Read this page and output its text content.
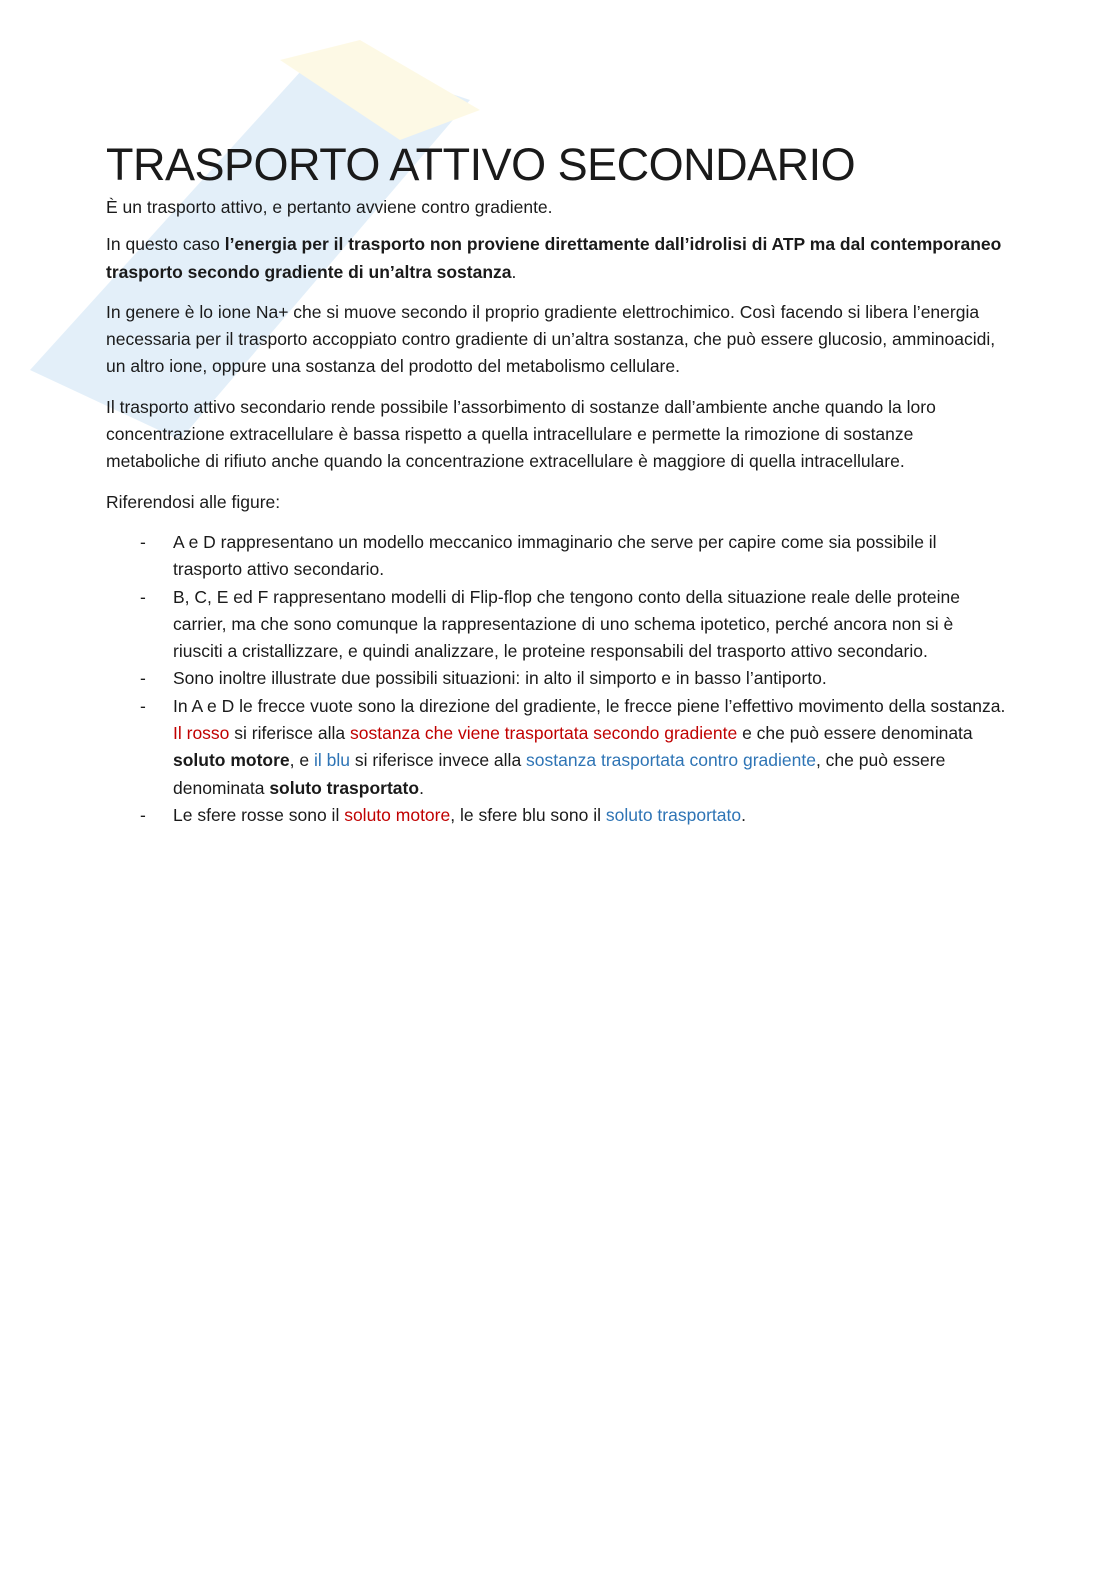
TRASPORTO ATTIVO SECONDARIO

È un trasporto attivo, e pertanto avviene contro gradiente.

In questo caso l’energia per il trasporto non proviene direttamente dall’idrolisi di ATP ma dal contemporaneo trasporto secondo gradiente di un’altra sostanza.

In genere è lo ione Na+ che si muove secondo il proprio gradiente elettrochimico. Così facendo si libera l’energia necessaria per il trasporto accoppiato contro gradiente di un’altra sostanza, che può essere glucosio, amminoacidi, un altro ione, oppure una sostanza del prodotto del metabolismo cellulare.

Il trasporto attivo secondario rende possibile l’assorbimento di sostanze dall’ambiente anche quando la loro concentrazione extracellulare è bassa rispetto a quella intracellulare e permette la rimozione di sostanze metaboliche di rifiuto anche quando la concentrazione extracellulare è maggiore di quella intracellulare.

Riferendosi alle figure:

- A e D rappresentano un modello meccanico immaginario che serve per capire come sia possibile il trasporto attivo secondario.
- B, C, E ed F rappresentano modelli di Flip-flop che tengono conto della situazione reale delle proteine carrier, ma che sono comunque la rappresentazione di uno schema ipotetico, perché ancora non si è riusciti a cristallizzare, e quindi analizzare, le proteine responsabili del trasporto attivo secondario.
- Sono inoltre illustrate due possibili situazioni: in alto il simporto e in basso l’antiporto.
- In A e D le frecce vuote sono la direzione del gradiente, le frecce piene l’effettivo movimento della sostanza.
Il rosso si riferisce alla sostanza che viene trasportata secondo gradiente e che può essere denominata soluto motore, e il blu si riferisce invece alla sostanza trasportata contro gradiente, che può essere denominata soluto trasportato.
- Le sfere rosse sono il soluto motore, le sfere blu sono il soluto trasportato.
